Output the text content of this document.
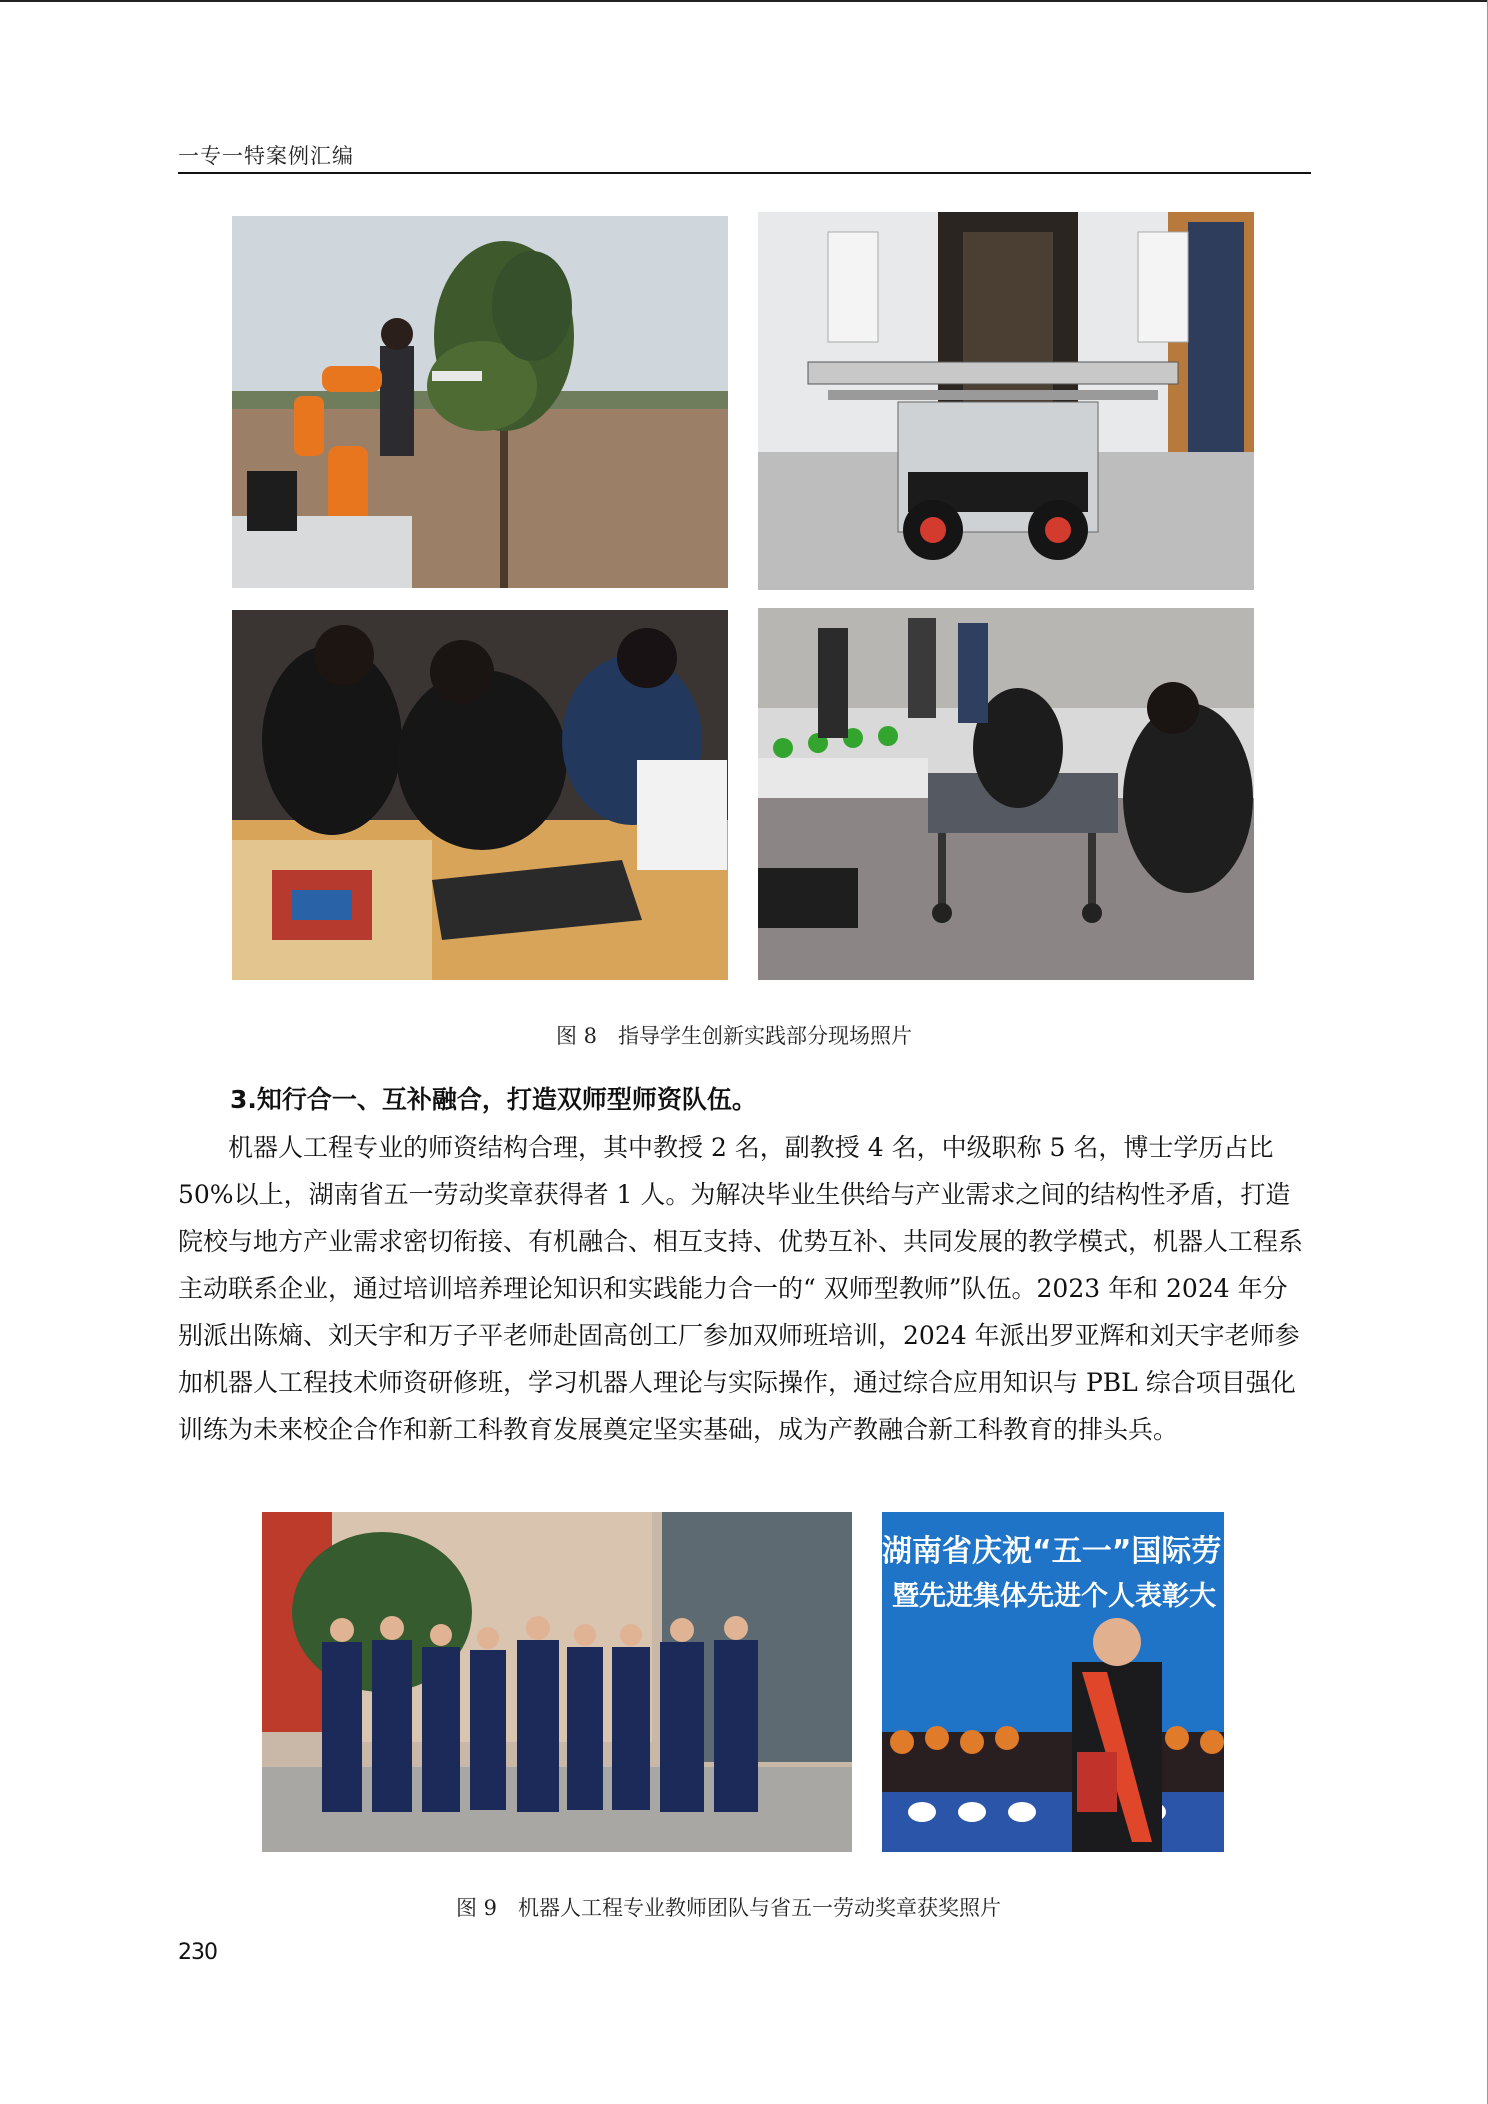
一专一特案例汇编
图 8　指导学生创新实践部分现场照片
3.知行合一、互补融合，打造双师型师资队伍。

机器人工程专业的师资结构合理，其中教授 2 名，副教授 4 名，中级职称 5 名，博士学历占比 50%以上，湖南省五一劳动奖章获得者 1 人。为解决毕业生供给与产业需求之间的结构性矛盾，打造院校与地方产业需求密切衔接、有机融合、相互支持、优势互补、共同发展的教学模式，机器人工程系主动联系企业，通过培训培养理论知识和实践能力合一的“ 双师型教师”队伍。2023 年和 2024 年分别派出陈熵、刘天宇和万子平老师赴固高创工厂参加双师班培训，2024 年派出罗亚辉和刘天宇老师参加机器人工程技术师资研修班，学习机器人理论与实际操作，通过综合应用知识与 PBL 综合项目强化训练为未来校企合作和新工科教育发展奠定坚实基础，成为产教融合新工科教育的排头兵。

湖南省庆祝“五一”国际劳
暨先进集体先进个人表彰大
图 9　机器人工程专业教师团队与省五一劳动奖章获奖照片
230
